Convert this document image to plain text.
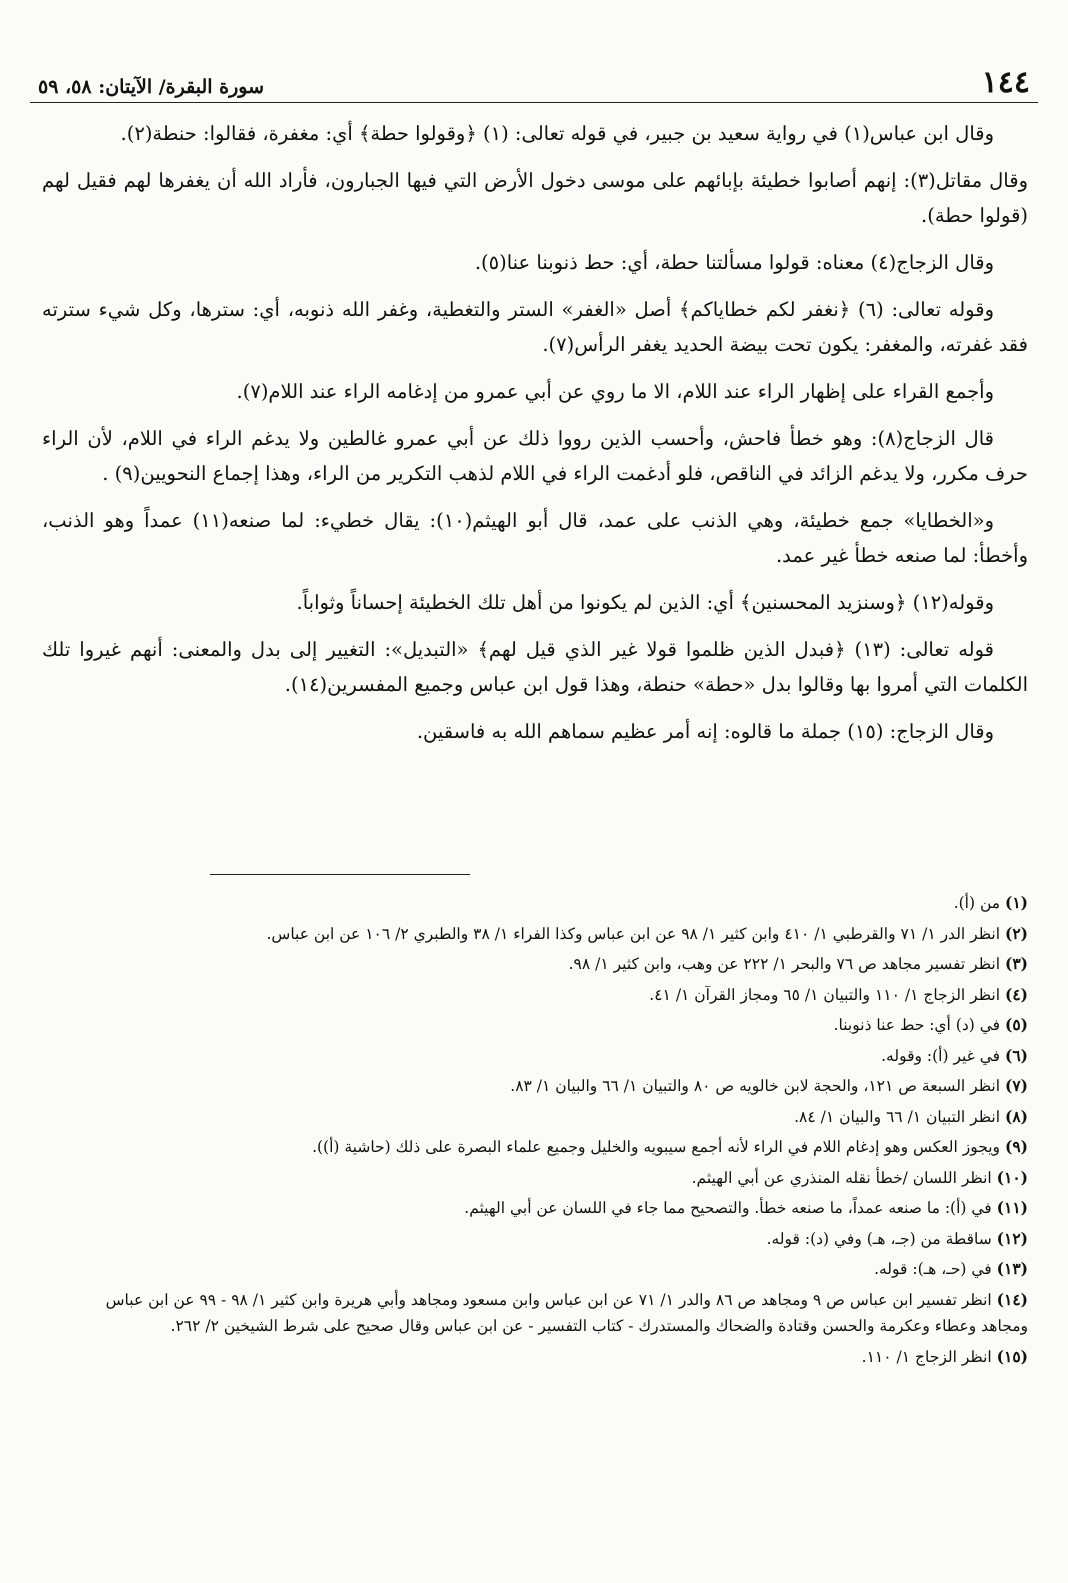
١٤٤
سورة البقرة/ الآيتان: ٥٨، ٥٩

وقال ابن عباس(١) في رواية سعيد بن جبير، في قوله تعالى: (١) ﴿وقولوا حطة﴾ أي: مغفرة، فقالوا: حنطة(٢).

وقال مقاتل(٣): إنهم أصابوا خطيئة بإبائهم على موسى دخول الأرض التي فيها الجبارون، فأراد الله أن يغفرها لهم فقيل لهم (قولوا حطة).

وقال الزجاج(٤) معناه: قولوا مسألتنا حطة، أي: حط ذنوبنا عنا(٥).

وقوله تعالى: (٦) ﴿نغفر لكم خطاياكم﴾ أصل «الغفر» الستر والتغطية، وغفر الله ذنوبه، أي: سترها، وكل شيء سترته فقد غفرته، والمغفر: يكون تحت بيضة الحديد يغفر الرأس(٧).

وأجمع القراء على إظهار الراء عند اللام، الا ما روي عن أبي عمرو من إدغامه الراء عند اللام(٧).

قال الزجاج(٨): وهو خطأ فاحش، وأحسب الذين رووا ذلك عن أبي عمرو غالطين ولا يدغم الراء في اللام، لأن الراء حرف مكرر، ولا يدغم الزائد في الناقص، فلو أدغمت الراء في اللام لذهب التكرير من الراء، وهذا إجماع النحويين(٩) .

و«الخطايا» جمع خطيئة، وهي الذنب على عمد، قال أبو الهيثم(١٠): يقال خطيء: لما صنعه(١١) عمداً وهو الذنب، وأخطأ: لما صنعه خطأ غير عمد.

وقوله(١٢) ﴿وسنزيد المحسنين﴾ أي: الذين لم يكونوا من أهل تلك الخطيئة إحساناً وثواباً.

قوله تعالى: (١٣) ﴿فبدل الذين ظلموا قولا غير الذي قيل لهم﴾ «التبديل»: التغيير إلى بدل والمعنى: أنهم غيروا تلك الكلمات التي أمروا بها وقالوا بدل «حطة» حنطة، وهذا قول ابن عباس وجميع المفسرين(١٤).

وقال الزجاج: (١٥) جملة ما قالوه: إنه أمر عظيم سماهم الله به فاسقين.

(١) من (أ).

(٢) انظر الدر ١/ ٧١ والقرطبي ١/ ٤١٠ وابن كثير ١/ ٩٨ عن ابن عباس وكذا الفراء ١/ ٣٨ والطبري ٢/ ١٠٦ عن ابن عباس.

(٣) انظر تفسير مجاهد ص ٧٦ والبحر ١/ ٢٢٢ عن وهب، وابن كثير ١/ ٩٨.

(٤) انظر الزجاج ١/ ١١٠ والتبيان ١/ ٦٥ ومجاز القرآن ١/ ٤١.

(٥) في (د) أي: حط عنا ذنوبنا.

(٦) في غير (أ): وقوله.

(٧) انظر السبعة ص ١٢١، والحجة لابن خالويه ص ٨٠ والتبيان ١/ ٦٦ والبيان ١/ ٨٣.

(٨) انظر التبيان ١/ ٦٦ والبيان ١/ ٨٤.

(٩) ويجوز العكس وهو إدغام اللام في الراء لأنه أجمع سيبويه والخليل وجميع علماء البصرة على ذلك (حاشية (أ)).

(١٠) انظر اللسان /خطأ نقله المنذري عن أبي الهيثم.

(١١) في (أ): ما صنعه عمداً، ما صنعه خطأ. والتصحيح مما جاء في اللسان عن أبي الهيثم.

(١٢) ساقطة من (جـ، هـ) وفي (د): قوله.

(١٣) في (حـ، هـ): قوله.

(١٤) انظر تفسير ابن عباس ص ٩ ومجاهد ص ٨٦ والدر ١/ ٧١ عن ابن عباس وابن مسعود ومجاهد وأبي هريرة وابن كثير ١/ ٩٨ - ٩٩ عن ابن عباس ومجاهد وعطاء وعكرمة والحسن وقتادة والضحاك والمستدرك - كتاب التفسير - عن ابن عباس وقال صحيح على شرط الشيخين ٢/ ٢٦٢.

(١٥) انظر الزجاج ١/ ١١٠.
